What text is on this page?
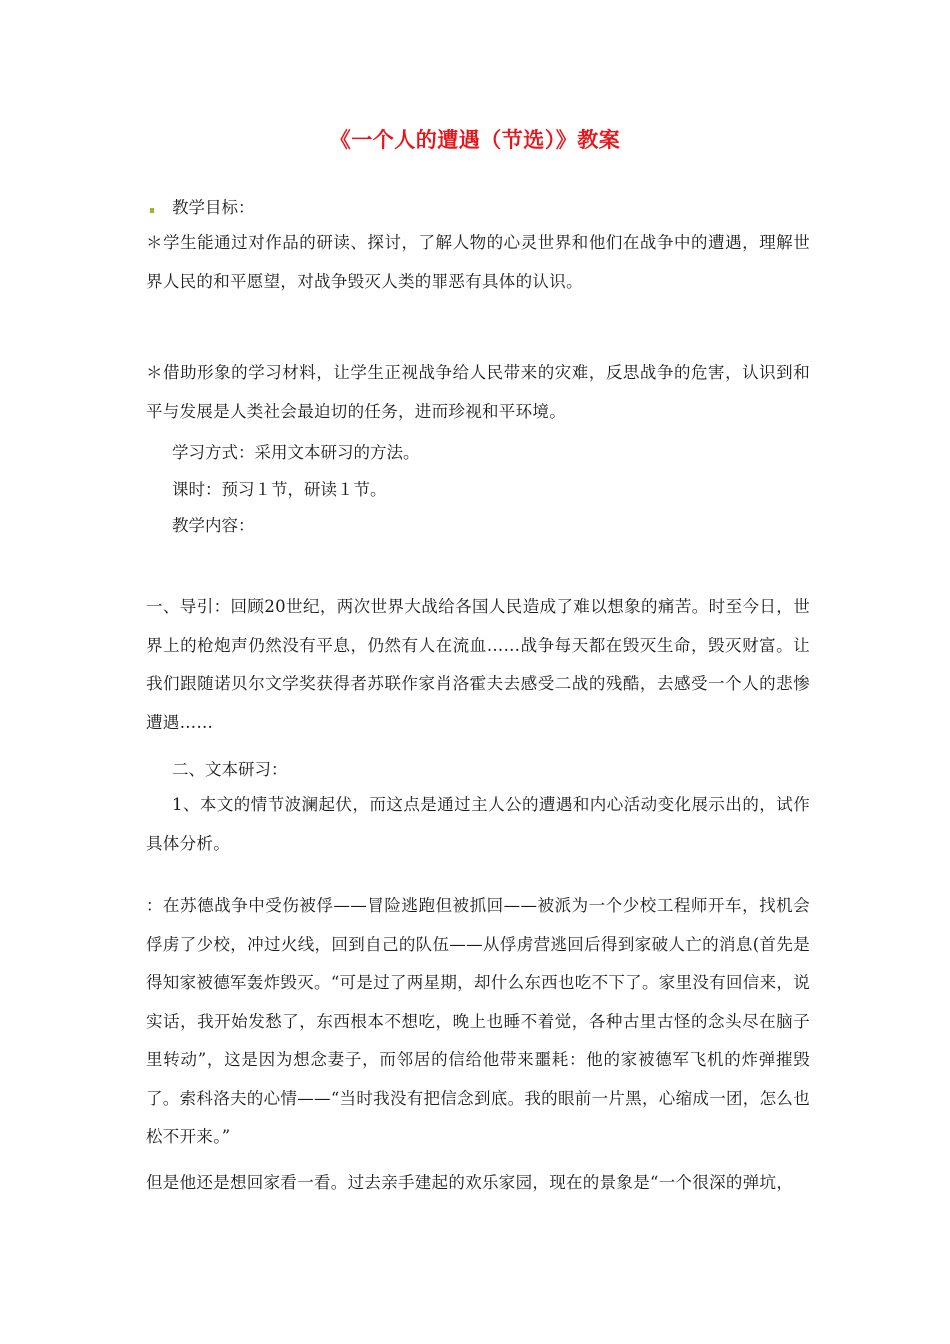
《一个人的遭遇（节选）》教案
教学目标：
＊学生能通过对作品的研读、探讨，了解人物的心灵世界和他们在战争中的遭遇，理解世界人民的和平愿望，对战争毁灭人类的罪恶有具体的认识。
＊借助形象的学习材料，让学生正视战争给人民带来的灾难，反思战争的危害，认识到和平与发展是人类社会最迫切的任务，进而珍视和平环境。
学习方式：采用文本研习的方法。
课时：预习１节，研读１节。
教学内容：
一、导引：回顾20世纪，两次世界大战给各国人民造成了难以想象的痛苦。时至今日，世界上的枪炮声仍然没有平息，仍然有人在流血……战争每天都在毁灭生命，毁灭财富。让我们跟随诺贝尔文学奖获得者苏联作家肖洛霍夫去感受二战的残酷，去感受一个人的悲惨遭遇……
二、文本研习：
1、本文的情节波澜起伏，而这点是通过主人公的遭遇和内心活动变化展示出的，试作具体分析。
：在苏德战争中受伤被俘——冒险逃跑但被抓回——被派为一个少校工程师开车，找机会俘虏了少校，冲过火线，回到自己的队伍——从俘虏营逃回后得到家破人亡的消息(首先是得知家被德军轰炸毁灭。“可是过了两星期，却什么东西也吃不下了。家里没有回信来，说实话，我开始发愁了，东西根本不想吃，晚上也睡不着觉，各种古里古怪的念头尽在脑子里转动”，这是因为想念妻子，而邻居的信给他带来噩耗：他的家被德军飞机的炸弹摧毁了。索科洛夫的心情——“当时我没有把信念到底。我的眼前一片黑，心缩成一团，怎么也松不开来。”
但是他还是想回家看一看。过去亲手建起的欢乐家园，现在的景象是“一个很深的弹坑，
